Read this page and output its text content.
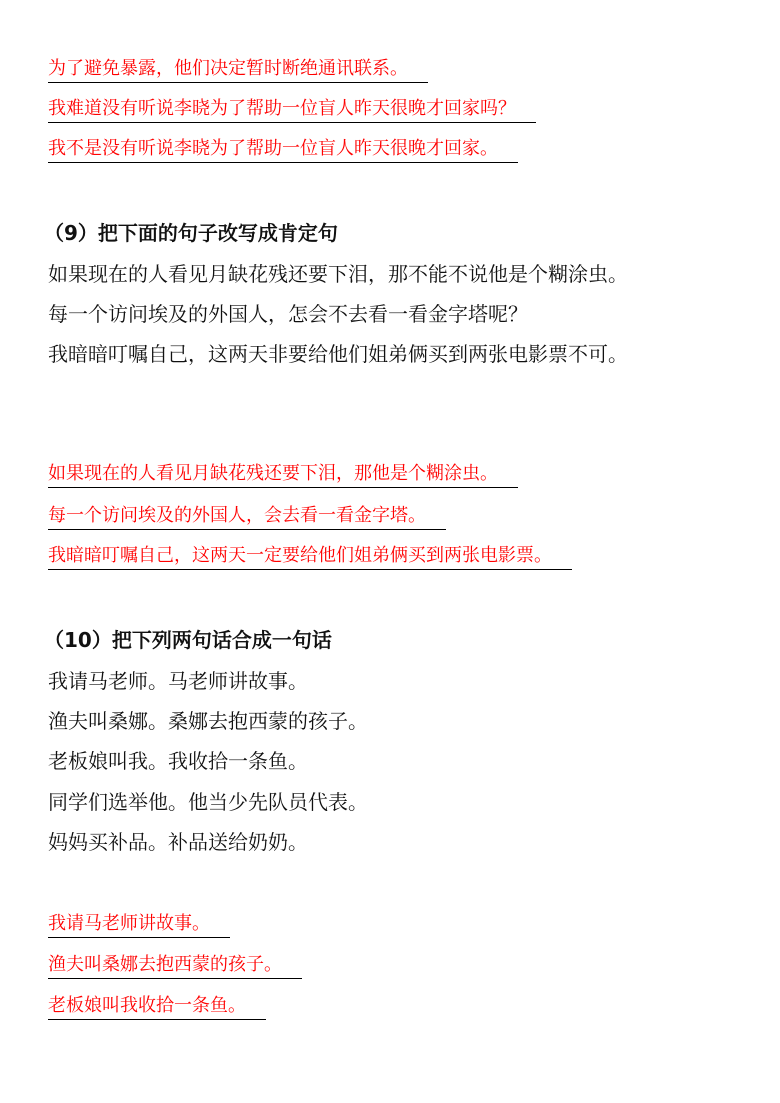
为了避免暴露，他们决定暂时断绝通讯联系。
我难道没有听说李晓为了帮助一位盲人昨天很晚才回家吗？
我不是没有听说李晓为了帮助一位盲人昨天很晚才回家。
（9）把下面的句子改写成肯定句
如果现在的人看见月缺花残还要下泪，那不能不说他是个糊涂虫。
每一个访问埃及的外国人，怎会不去看一看金字塔呢？
我暗暗叮嘱自己，这两天非要给他们姐弟俩买到两张电影票不可。
如果现在的人看见月缺花残还要下泪，那他是个糊涂虫。
每一个访问埃及的外国人，会去看一看金字塔。
我暗暗叮嘱自己，这两天一定要给他们姐弟俩买到两张电影票。
（10）把下列两句话合成一句话
我请马老师。马老师讲故事。
渔夫叫桑娜。桑娜去抱西蒙的孩子。
老板娘叫我。我收拾一条鱼。
同学们选举他。他当少先队员代表。
妈妈买补品。补品送给奶奶。
我请马老师讲故事。
渔夫叫桑娜去抱西蒙的孩子。
老板娘叫我收拾一条鱼。
